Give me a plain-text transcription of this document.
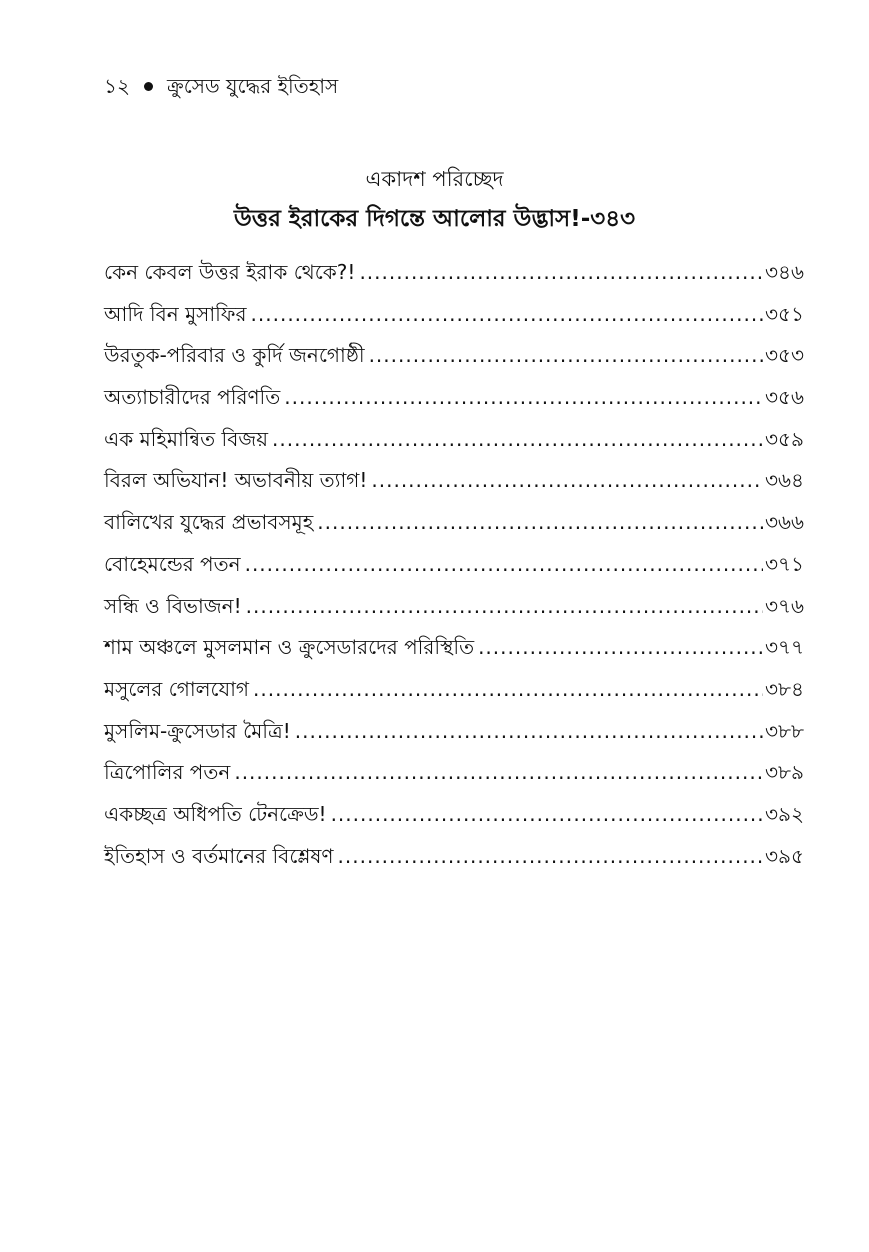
১২ ক্রুসেড যুদ্ধের ইতিহাস
একাদশ পরিচ্ছেদ
উত্তর ইরাকের দিগন্তে আলোর উদ্ভাস!-৩৪৩
কেন কেবল উত্তর ইরাক থেকে?! .....	৩৪৬
আদি বিন মুসাফির .....	৩৫১
উরতুক-পরিবার ও কুর্দি জনগোষ্ঠী .....	৩৫৩
অত্যাচারীদের পরিণতি .....	৩৫৬
এক মহিমান্বিত বিজয় .....	৩৫৯
বিরল অভিযান! অভাবনীয় ত্যাগ! .....	৩৬৪
বালিখের যুদ্ধের প্রভাবসমূহ .....	৩৬৬
বোহেমন্ডের পতন .....	৩৭১
সন্ধি ও বিভাজন! .....	৩৭৬
শাম অঞ্চলে মুসলমান ও ক্রুসেডারদের পরিস্থিতি .....	৩৭৭
মসুলের গোলযোগ .....	৩৮৪
মুসলিম-ক্রুসেডার মৈত্রি! .....	৩৮৮
ত্রিপোলির পতন .....	৩৮৯
একচ্ছত্র অধিপতি টেনক্রেড! .....	৩৯২
ইতিহাস ও বর্তমানের বিশ্লেষণ .....	৩৯৫
